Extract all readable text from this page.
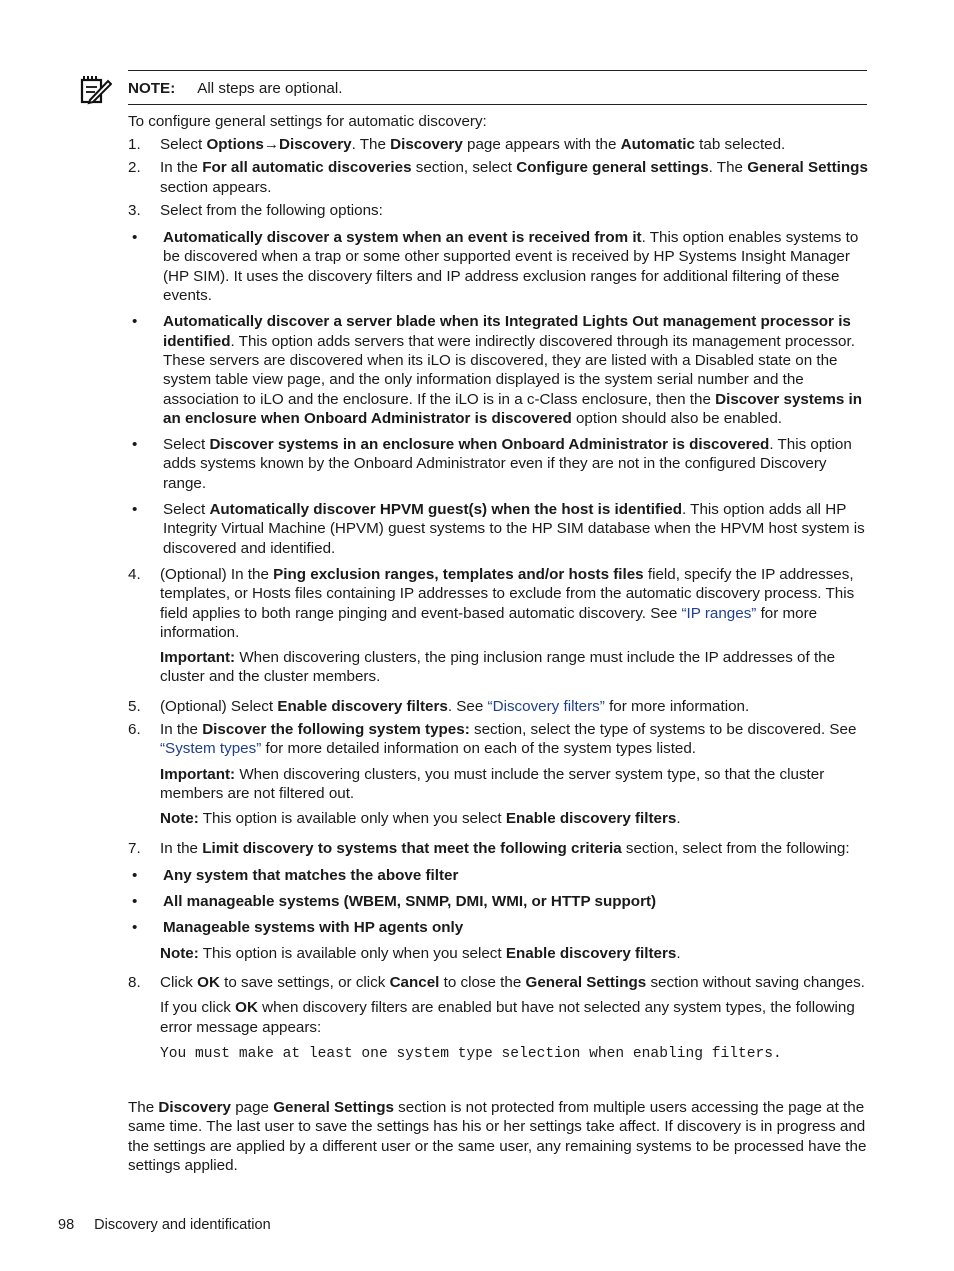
NOTE: All steps are optional.
To configure general settings for automatic discovery:
1. Select Options→Discovery. The Discovery page appears with the Automatic tab selected.

2. In the For all automatic discoveries section, select Configure general settings. The General Settings section appears.

3. Select from the following options:

• Automatically discover a system when an event is received from it. This option enables systems to be discovered when a trap or some other supported event is received by HP Systems Insight Manager (HP SIM). It uses the discovery filters and IP address exclusion ranges for additional filtering of these events.
• Automatically discover a server blade when its Integrated Lights Out management processor is identified. This option adds servers that were indirectly discovered through its management processor. These servers are discovered when its iLO is discovered, they are listed with a Disabled state on the system table view page, and the only information displayed is the system serial number and the association to iLO and the enclosure. If the iLO is in a c-Class enclosure, then the Discover systems in an enclosure when Onboard Administrator is discovered option should also be enabled.
• Select Discover systems in an enclosure when Onboard Administrator is discovered. This option adds systems known by the Onboard Administrator even if they are not in the configured Discovery range.
• Select Automatically discover HPVM guest(s) when the host is identified. This option adds all HP Integrity Virtual Machine (HPVM) guest systems to the HP SIM database when the HPVM host system is discovered and identified.
4. (Optional) In the Ping exclusion ranges, templates and/or hosts files field, specify the IP addresses, templates, or Hosts files containing IP addresses to exclude from the automatic discovery process. This field applies to both range pinging and event-based automatic discovery. See “IP ranges” for more information.

Important: When discovering clusters, the ping inclusion range must include the IP addresses of the cluster and the cluster members.

5. (Optional) Select Enable discovery filters. See “Discovery filters” for more information.

6. In the Discover the following system types: section, select the type of systems to be discovered. See “System types” for more detailed information on each of the system types listed.

Important: When discovering clusters, you must include the server system type, so that the cluster members are not filtered out.

Note: This option is available only when you select Enable discovery filters.

7. In the Limit discovery to systems that meet the following criteria section, select from the following:

• Any system that matches the above filter
• All manageable systems (WBEM, SNMP, DMI, WMI, or HTTP support)
• Manageable systems with HP agents only

Note: This option is available only when you select Enable discovery filters.

8. Click OK to save settings, or click Cancel to close the General Settings section without saving changes.

If you click OK when discovery filters are enabled but have not selected any system types, the following error message appears:

You must make at least one system type selection when enabling filters.

The Discovery page General Settings section is not protected from multiple users accessing the page at the same time. The last user to save the settings has his or her settings take affect. If discovery is in progress and the settings are applied by a different user or the same user, any remaining systems to be processed have the settings applied.
98 Discovery and identification
